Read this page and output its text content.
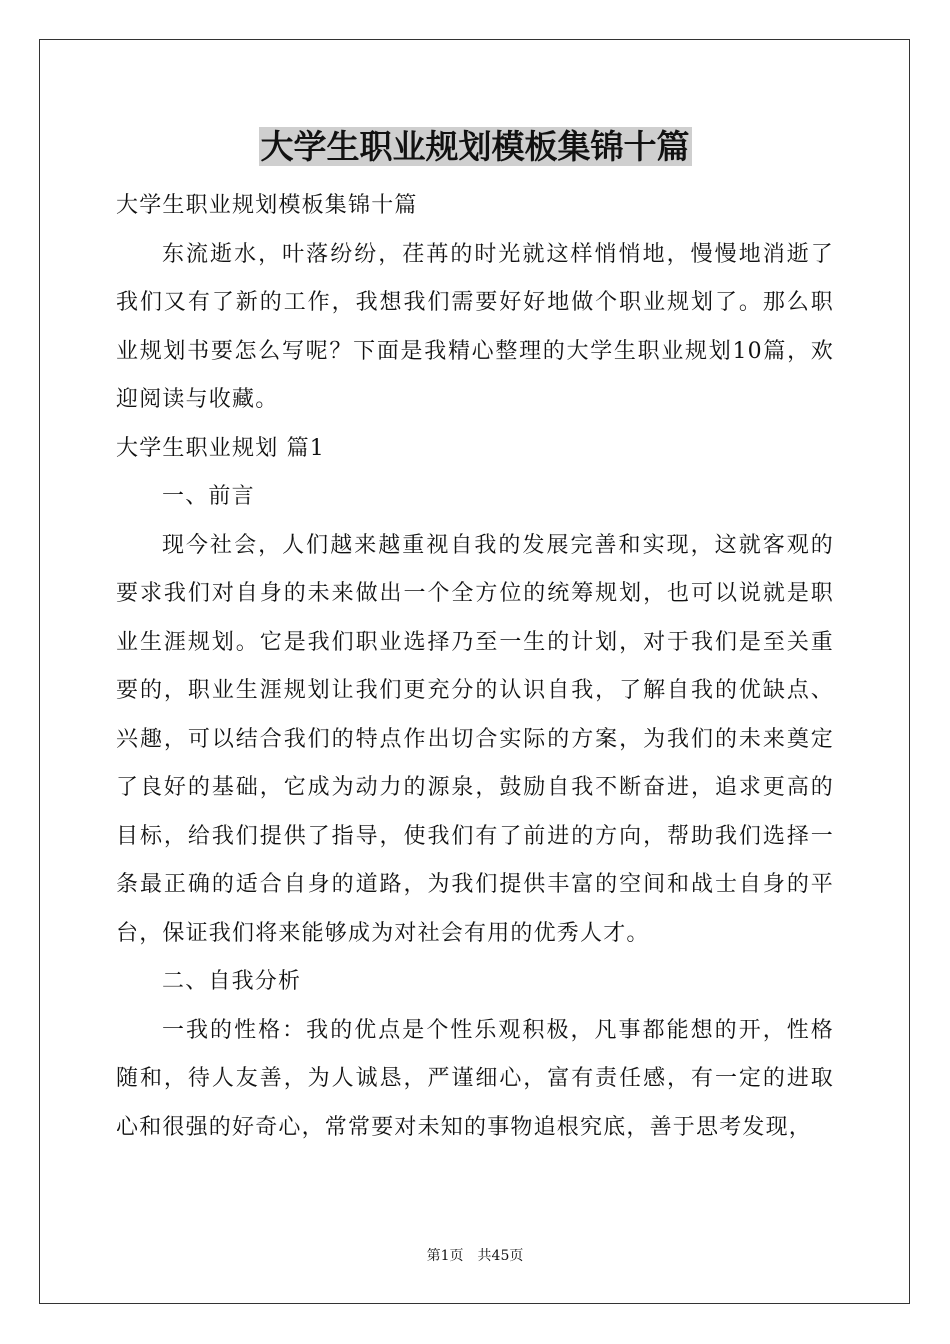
大学生职业规划模板集锦十篇

大学生职业规划模板集锦十篇

东流逝水，叶落纷纷，荏苒的时光就这样悄悄地，慢慢地消逝了我们又有了新的工作，我想我们需要好好地做个职业规划了。那么职业规划书要怎么写呢？下面是我精心整理的大学生职业规划10篇，欢迎阅读与收藏。

大学生职业规划 篇1

一、前言

现今社会，人们越来越重视自我的发展完善和实现，这就客观的要求我们对自身的未来做出一个全方位的统筹规划，也可以说就是职业生涯规划。它是我们职业选择乃至一生的计划，对于我们是至关重要的，职业生涯规划让我们更充分的认识自我，了解自我的优缺点、兴趣，可以结合我们的特点作出切合实际的方案，为我们的未来奠定了良好的基础，它成为动力的源泉，鼓励自我不断奋进，追求更高的目标，给我们提供了指导，使我们有了前进的方向，帮助我们选择一条最正确的适合自身的道路，为我们提供丰富的空间和战士自身的平台，保证我们将来能够成为对社会有用的优秀人才。

二、自我分析

一我的性格：我的优点是个性乐观积极，凡事都能想的开，性格随和，待人友善，为人诚恳，严谨细心，富有责任感，有一定的进取心和很强的好奇心，常常要对未知的事物追根究底，善于思考发现，

第1页 共45页
